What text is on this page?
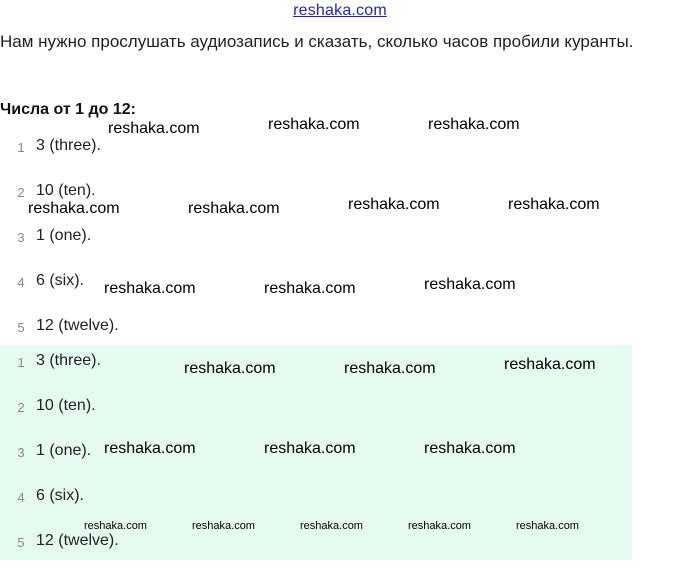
reshaka.com
Нам нужно прослушать аудиозапись и сказать, сколько часов пробили куранты.
Числа от 1 до 12:
1 3 (three).
2 10 (ten).
3 1 (one).
4 6 (six).
5 12 (twelve).
1 3 (three).
2 10 (ten).
3 1 (one).
4 6 (six).
5 12 (twelve).
reshaka.com	reshaka.com	reshaka.com
reshaka.com	reshaka.com	reshaka.com	reshaka.com
reshaka.com	reshaka.com	reshaka.com
reshaka.com	reshaka.com	reshaka.com
reshaka.com	reshaka.com	reshaka.com
reshaka.com	reshaka.com	reshaka.com	reshaka.com	reshaka.com
